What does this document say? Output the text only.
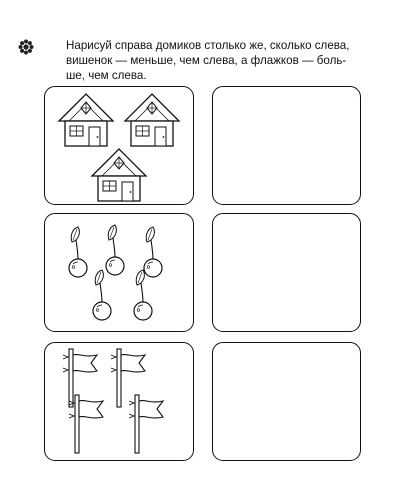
Нарисуй справа домиков столько же, сколько слева,
вишенок — меньше, чем слева, а флажков — боль-
ше, чем слева.
